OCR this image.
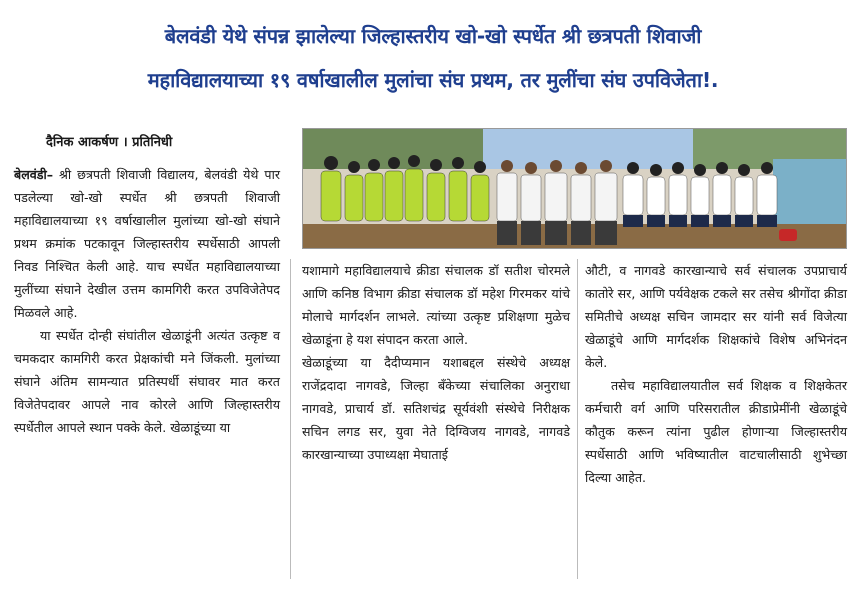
बेलवंडी येथे संपन्न झालेल्या जिल्हास्तरीय खो-खो स्पर्धेत श्री छत्रपती शिवाजी
महाविद्यालयाच्या १९ वर्षाखालील मुलांचा संघ प्रथम, तर मुलींचा संघ उपविजेता!.
दैनिक आकर्षण । प्रतिनिधी

बेलवंडी– श्री छत्रपती शिवाजी विद्यालय, बेलवंडी येथे पार पडलेल्या खो-खो स्पर्धेत श्री छत्रपती शिवाजी महाविद्यालयाच्या १९ वर्षाखालील मुलांच्या खो-खो संघाने प्रथम क्रमांक पटकावून जिल्हास्तरीय स्पर्धेसाठी आपली निवड निश्चित केली आहे. याच स्पर्धेत महाविद्यालयाच्या मुलींच्या संघाने देखील उत्तम कामगिरी करत उपविजेतेपद मिळवले आहे.

या स्पर्धेत दोन्ही संघांतील खेळाडूंनी अत्यंत उत्कृष्ट व चमकदार कामगिरी करत प्रेक्षकांची मने जिंकली. मुलांच्या संघाने अंतिम सामन्यात प्रतिस्पर्धी संघावर मात करत विजेतेपदावर आपले नाव कोरले आणि जिल्हास्तरीय स्पर्धेतील आपले स्थान पक्के केले. खेळाडूंच्या या

यशामागे महाविद्यालयाचे क्रीडा संचालक डॉ सतीश चोरमले आणि कनिष्ठ विभाग क्रीडा संचालक डॉ महेश गिरमकर यांचे मोलाचे मार्गदर्शन लाभले. त्यांच्या उत्कृष्ट प्रशिक्षणा मुळेच खेळाडूंना हे यश संपादन करता आले.

खेळाडूंच्या या दैदीप्यमान यशाबद्दल संस्थेचे अध्यक्ष राजेंद्रदादा नागवडे, जिल्हा बँकेच्या संचालिका अनुराधा नागवडे, प्राचार्य डॉ. सतिशचंद्र सूर्यवंशी संस्थेचे निरीक्षक सचिन लगड सर, युवा नेते दिग्विजय नागवडे, नागवडे कारखान्याच्या उपाध्यक्षा मेघाताई

औटी, व नागवडे कारखान्याचे सर्व संचालक उपप्राचार्य कातोरे सर, आणि पर्यवेक्षक टकले सर तसेच श्रीगोंदा क्रीडा समितीचे अध्यक्ष सचिन जामदार सर यांनी सर्व विजेत्या खेळाडूंचे आणि मार्गदर्शक शिक्षकांचे विशेष अभिनंदन केले.

तसेच महाविद्यालयातील सर्व शिक्षक व शिक्षकेतर कर्मचारी वर्ग आणि परिसरातील क्रीडाप्रेमींनी खेळाडूंचे कौतुक करून त्यांना पुढील होणाऱ्या जिल्हास्तरीय स्पर्धेसाठी आणि भविष्यातील वाटचालीसाठी शुभेच्छा दिल्या आहेत.
